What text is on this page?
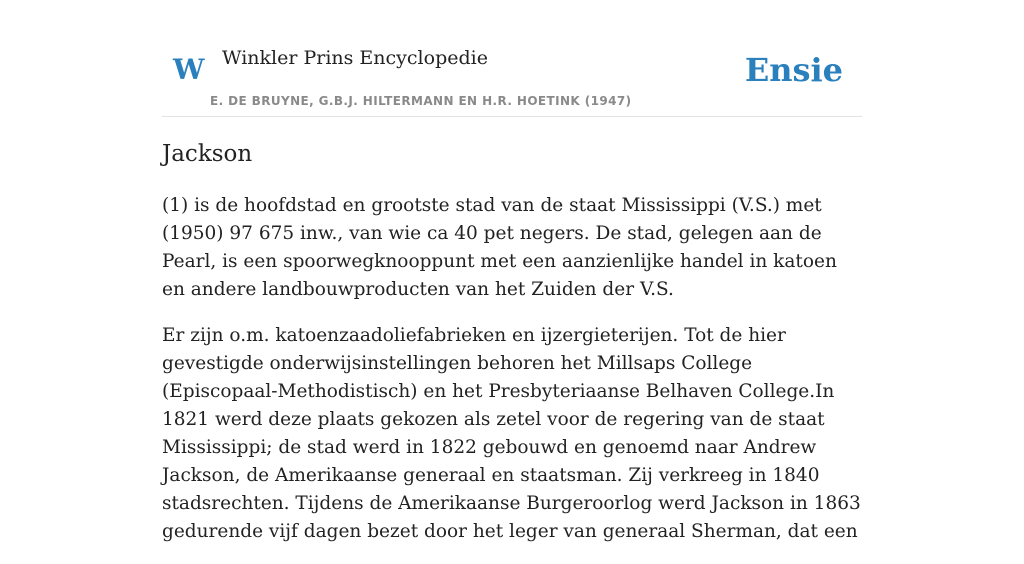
W Winkler Prins Encyclopedie
E. DE BRUYNE, G.B.J. HILTERMANN EN H.R. HOETINK (1947)
Ensie
Jackson

(1) is de hoofdstad en grootste stad van de staat Mississippi (V.S.) met (1950) 97 675 inw., van wie ca 40 pet negers. De stad, gelegen aan de Pearl, is een spoorwegknooppunt met een aanzienlijke handel in katoen en andere landbouwproducten van het Zuiden der V.S.

Er zijn o.m. katoenzaadoliefabrieken en ijzergieterijen. Tot de hier gevestigde onderwijsinstellingen behoren het Millsaps College (Episcopaal-Methodistisch) en het Presbyteriaanse Belhaven College.In 1821 werd deze plaats gekozen als zetel voor de regering van de staat Mississippi; de stad werd in 1822 gebouwd en genoemd naar Andrew Jackson, de Amerikaanse generaal en staatsman. Zij verkreeg in 1840 stadsrechten. Tijdens de Amerikaanse Burgeroorlog werd Jackson in 1863 gedurende vijf dagen bezet door het leger van generaal Sherman, dat een
